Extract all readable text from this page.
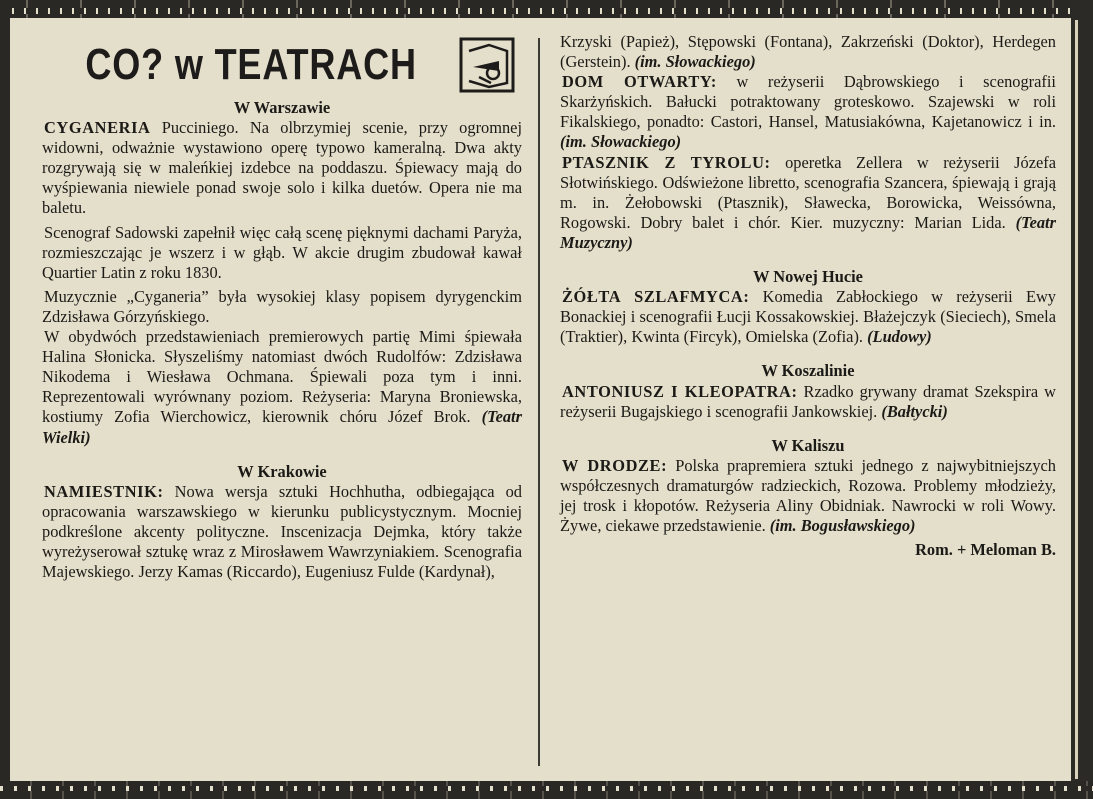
CO? w TEATRACH

W Warszawie

CYGANERIA Pucciniego. Na olbrzymiej scenie, przy ogromnej widowni, odważnie wystawiono operę typowo kameralną. Dwa akty rozgrywają się w maleńkiej izdebce na poddaszu. Śpiewacy mają do wyśpiewania niewiele ponad swoje solo i kilka duetów. Opera nie ma baletu.

Scenograf Sadowski zapełnił więc całą scenę pięknymi dachami Paryża, rozmieszczając je wszerz i w głąb. W akcie drugim zbudował kawał Quartier Latin z roku 1830.

Muzycznie „Cyganeria” była wysokiej klasy popisem dyrygenckim Zdzisława Górzyńskiego.

W obydwóch przedstawieniach premierowych partię Mimi śpiewała Halina Słonicka. Słyszeliśmy natomiast dwóch Rudolfów: Zdzisława Nikodema i Wiesława Ochmana. Śpiewali poza tym i inni. Reprezentowali wyrównany poziom. Reżyseria: Maryna Broniewska, kostiumy Zofia Wierchowicz, kierownik chóru Józef Brok. (Teatr Wielki)

W Krakowie

NAMIESTNIK: Nowa wersja sztuki Hochhutha, odbiegająca od opracowania warszawskiego w kierunku publicystycznym. Mocniej podkreślone akcenty polityczne. Inscenizacja Dejmka, który także wyreżyserował sztukę wraz z Mirosławem Wawrzyniakiem. Scenografia Majewskiego. Jerzy Kamas (Riccardo), Eugeniusz Fulde (Kardynał),

Krzyski (Papież), Stępowski (Fontana), Zakrzeński (Doktor), Herdegen (Gerstein). (im. Słowackiego)

DOM OTWARTY: w reżyserii Dąbrowskiego i scenografii Skarżyńskich. Bałucki potraktowany groteskowo. Szajewski w roli Fikalskiego, ponadto: Castori, Hansel, Matusiakówna, Kajetanowicz i in. (im. Słowackiego)

PTASZNIK Z TYROLU: operetka Zellera w reżyserii Józefa Słotwińskiego. Odświeżone libretto, scenografia Szancera, śpiewają i grają m. in. Żełobowski (Ptasznik), Sławecka, Borowicka, Weissówna, Rogowski. Dobry balet i chór. Kier. muzyczny: Marian Lida. (Teatr Muzyczny)

W Nowej Hucie

ŻÓŁTA SZLAFMYCA: Komedia Zabłockiego w reżyserii Ewy Bonackiej i scenografii Łucji Kossakowskiej. Błażejczyk (Sieciech), Smela (Traktier), Kwinta (Fircyk), Omielska (Zofia). (Ludowy)

W Koszalinie

ANTONIUSZ I KLEOPATRA: Rzadko grywany dramat Szekspira w reżyserii Bugajskiego i scenografii Jankowskiej. (Bałtycki)

W Kaliszu

W DRODZE: Polska prapremiera sztuki jednego z najwybitniejszych współczesnych dramaturgów radzieckich, Rozowa. Problemy młodzieży, jej trosk i kłopotów. Reżyseria Aliny Obidniak. Nawrocki w roli Wowy. Żywe, ciekawe przedstawienie. (im. Bogusławskiego)

Rom. + Meloman B.
